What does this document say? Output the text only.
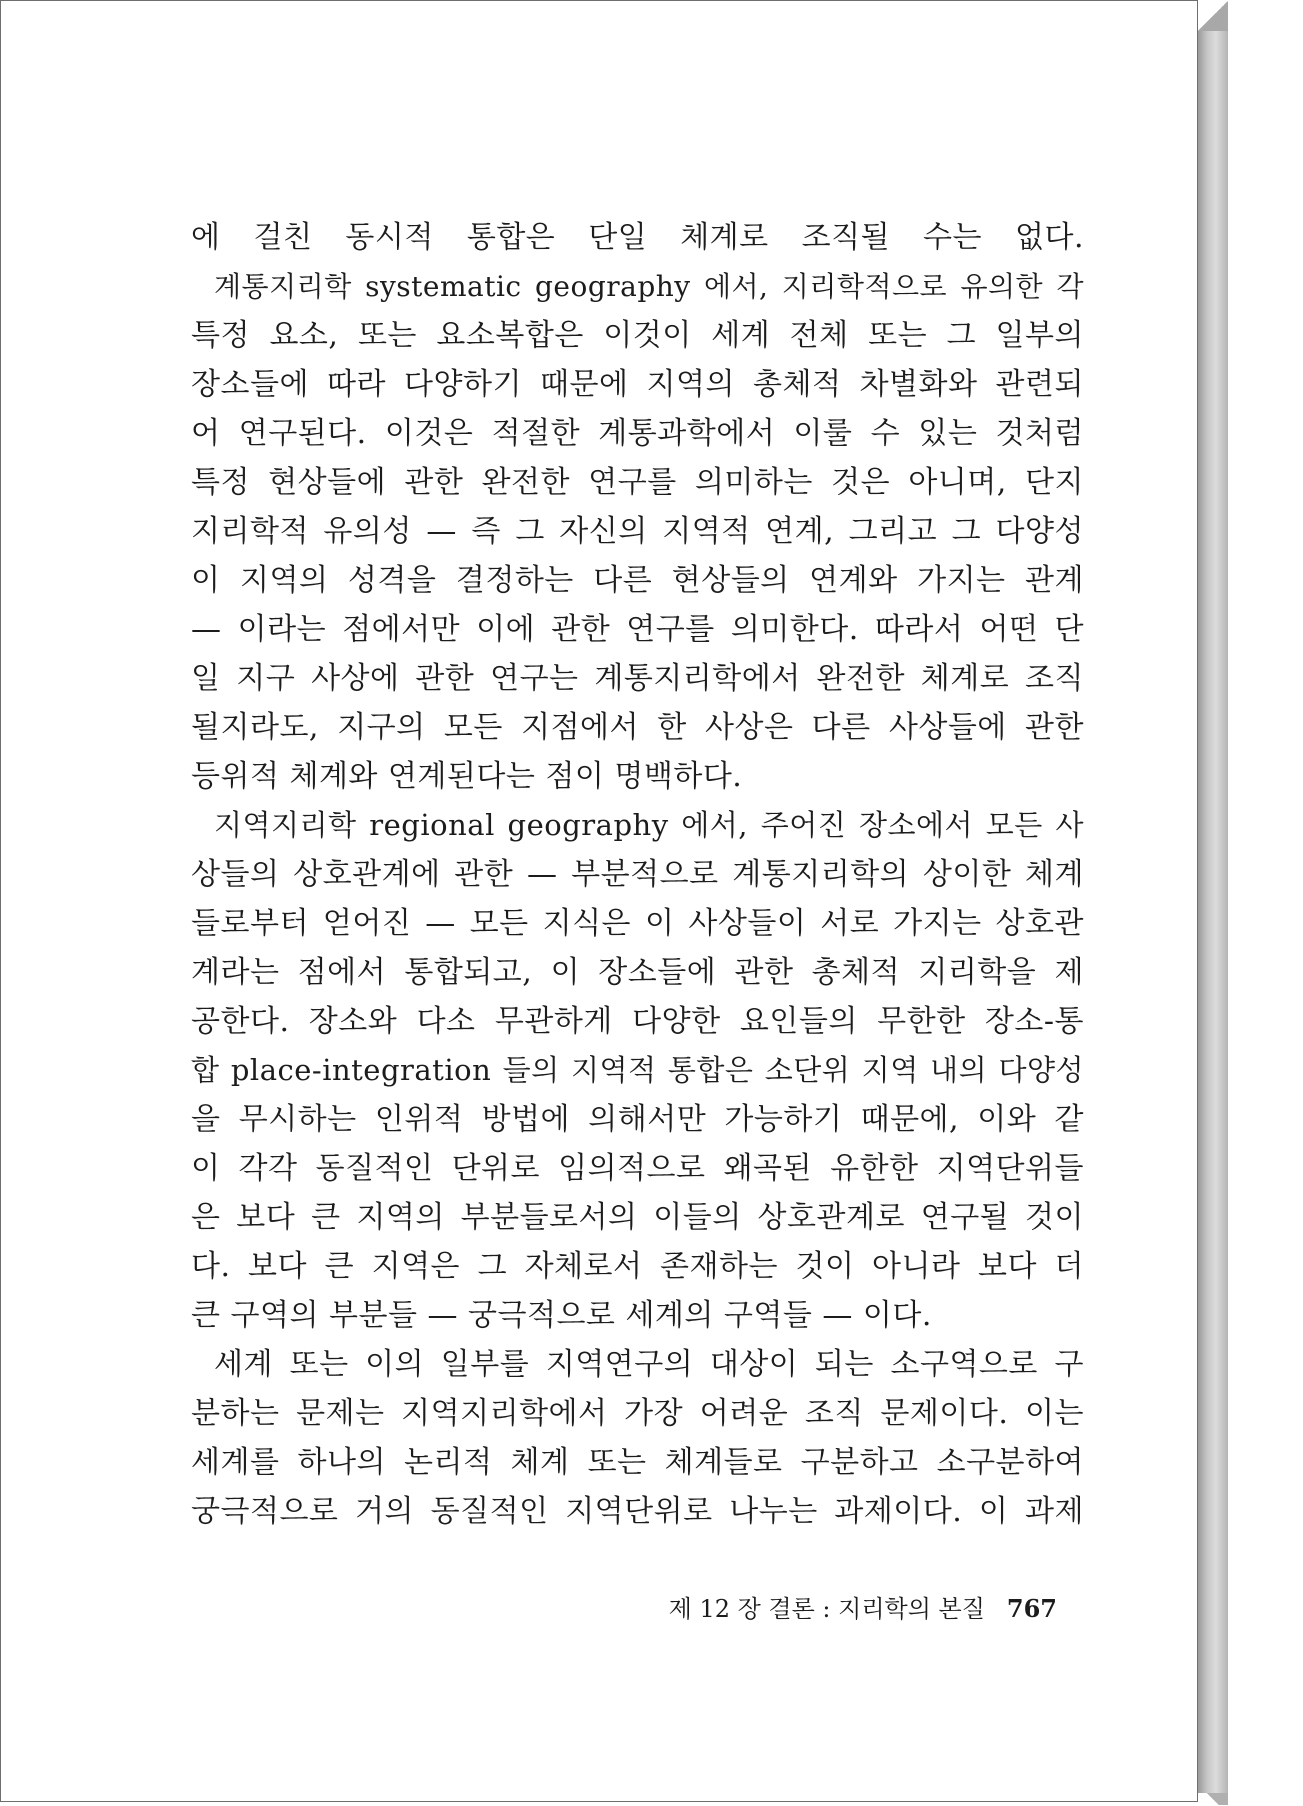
에 걸친 동시적 통합은 단일 체계로 조직될 수는 없다.
계통지리학 systematic geography 에서, 지리학적으로 유의한 각
특정 요소, 또는 요소복합은 이것이 세계 전체 또는 그 일부의
장소들에 따라 다양하기 때문에 지역의 총체적 차별화와 관련되
어 연구된다. 이것은 적절한 계통과학에서 이룰 수 있는 것처럼
특정 현상들에 관한 완전한 연구를 의미하는 것은 아니며, 단지
지리학적 유의성 — 즉 그 자신의 지역적 연계, 그리고 그 다양성
이 지역의 성격을 결정하는 다른 현상들의 연계와 가지는 관계
— 이라는 점에서만 이에 관한 연구를 의미한다. 따라서 어떤 단
일 지구 사상에 관한 연구는 계통지리학에서 완전한 체계로 조직
될지라도, 지구의 모든 지점에서 한 사상은 다른 사상들에 관한
등위적 체계와 연계된다는 점이 명백하다.
지역지리학 regional geography 에서, 주어진 장소에서 모든 사
상들의 상호관계에 관한 — 부분적으로 계통지리학의 상이한 체계
들로부터 얻어진 — 모든 지식은 이 사상들이 서로 가지는 상호관
계라는 점에서 통합되고, 이 장소들에 관한 총체적 지리학을 제
공한다. 장소와 다소 무관하게 다양한 요인들의 무한한 장소-통
합 place-integration 들의 지역적 통합은 소단위 지역 내의 다양성
을 무시하는 인위적 방법에 의해서만 가능하기 때문에, 이와 같
이 각각 동질적인 단위로 임의적으로 왜곡된 유한한 지역단위들
은 보다 큰 지역의 부분들로서의 이들의 상호관계로 연구될 것이
다. 보다 큰 지역은 그 자체로서 존재하는 것이 아니라 보다 더
큰 구역의 부분들 — 궁극적으로 세계의 구역들 — 이다.
세계 또는 이의 일부를 지역연구의 대상이 되는 소구역으로 구
분하는 문제는 지역지리학에서 가장 어려운 조직 문제이다. 이는
세계를 하나의 논리적 체계 또는 체계들로 구분하고 소구분하여
궁극적으로 거의 동질적인 지역단위로 나누는 과제이다. 이 과제
제 12 장 결론 : 지리학의 본질 767
